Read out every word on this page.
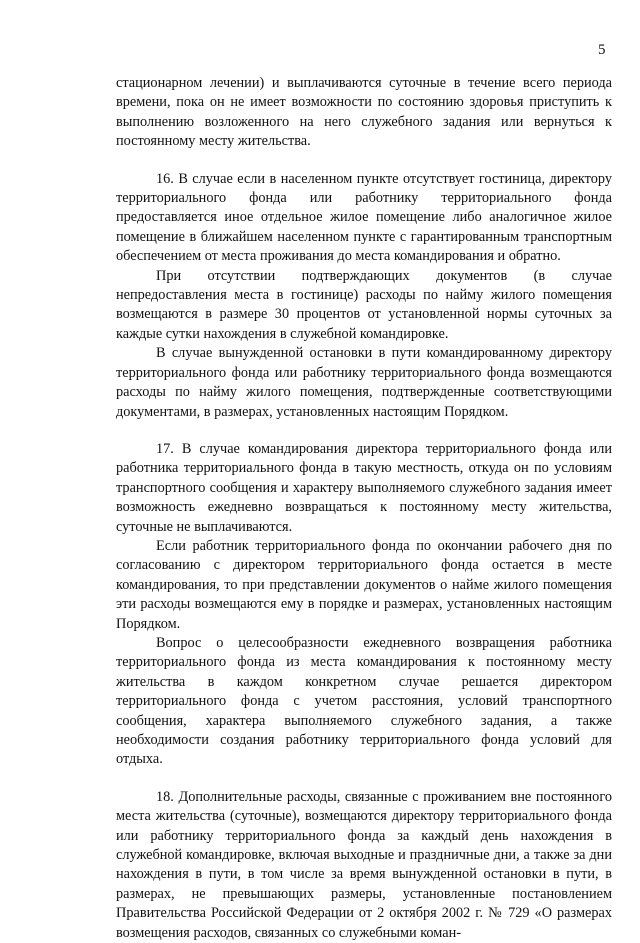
5

стационарном лечении) и выплачиваются суточные в течение всего периода времени, пока он не имеет возможности по состоянию здоровья приступить к выполнению возложенного на него служебного задания или вернуться к постоянному месту жительства.

16. В случае если в населенном пункте отсутствует гостиница, директору территориального фонда или работнику территориального фонда предоставляется иное отдельное жилое помещение либо аналогичное жилое помещение в ближайшем населенном пункте с гарантированным транспортным обеспечением от места проживания до места командирования и обратно.

При отсутствии подтверждающих документов (в случае непредоставления места в гостинице) расходы по найму жилого помещения возмещаются в размере 30 процентов от установленной нормы суточных за каждые сутки нахождения в служебной командировке.

В случае вынужденной остановки в пути командированному директору территориального фонда или работнику территориального фонда возмещаются расходы по найму жилого помещения, подтвержденные соответствующими документами, в размерах, установленных настоящим Порядком.

17. В случае командирования директора территориального фонда или работника территориального фонда в такую местность, откуда он по условиям транспортного сообщения и характеру выполняемого служебного задания имеет возможность ежедневно возвращаться к постоянному месту жительства, суточные не выплачиваются.

Если работник территориального фонда по окончании рабочего дня по согласованию с директором территориального фонда остается в месте командирования, то при представлении документов о найме жилого помещения эти расходы возмещаются ему в порядке и размерах, установленных настоящим Порядком.

Вопрос о целесообразности ежедневного возвращения работника территориального фонда из места командирования к постоянному месту жительства в каждом конкретном случае решается директором территориального фонда с учетом расстояния, условий транспортного сообщения, характера выполняемого служебного задания, а также необходимости создания работнику территориального фонда условий для отдыха.

18. Дополнительные расходы, связанные с проживанием вне постоянного места жительства (суточные), возмещаются директору территориального фонда или работнику территориального фонда за каждый день нахождения в служебной командировке, включая выходные и праздничные дни, а также за дни нахождения в пути, в том числе за время вынужденной остановки в пути, в размерах, не превышающих размеры, установленные постановлением Правительства Российской Федерации от 2 октября 2002 г. № 729 «О размерах возмещения расходов, связанных со служебными коман-
